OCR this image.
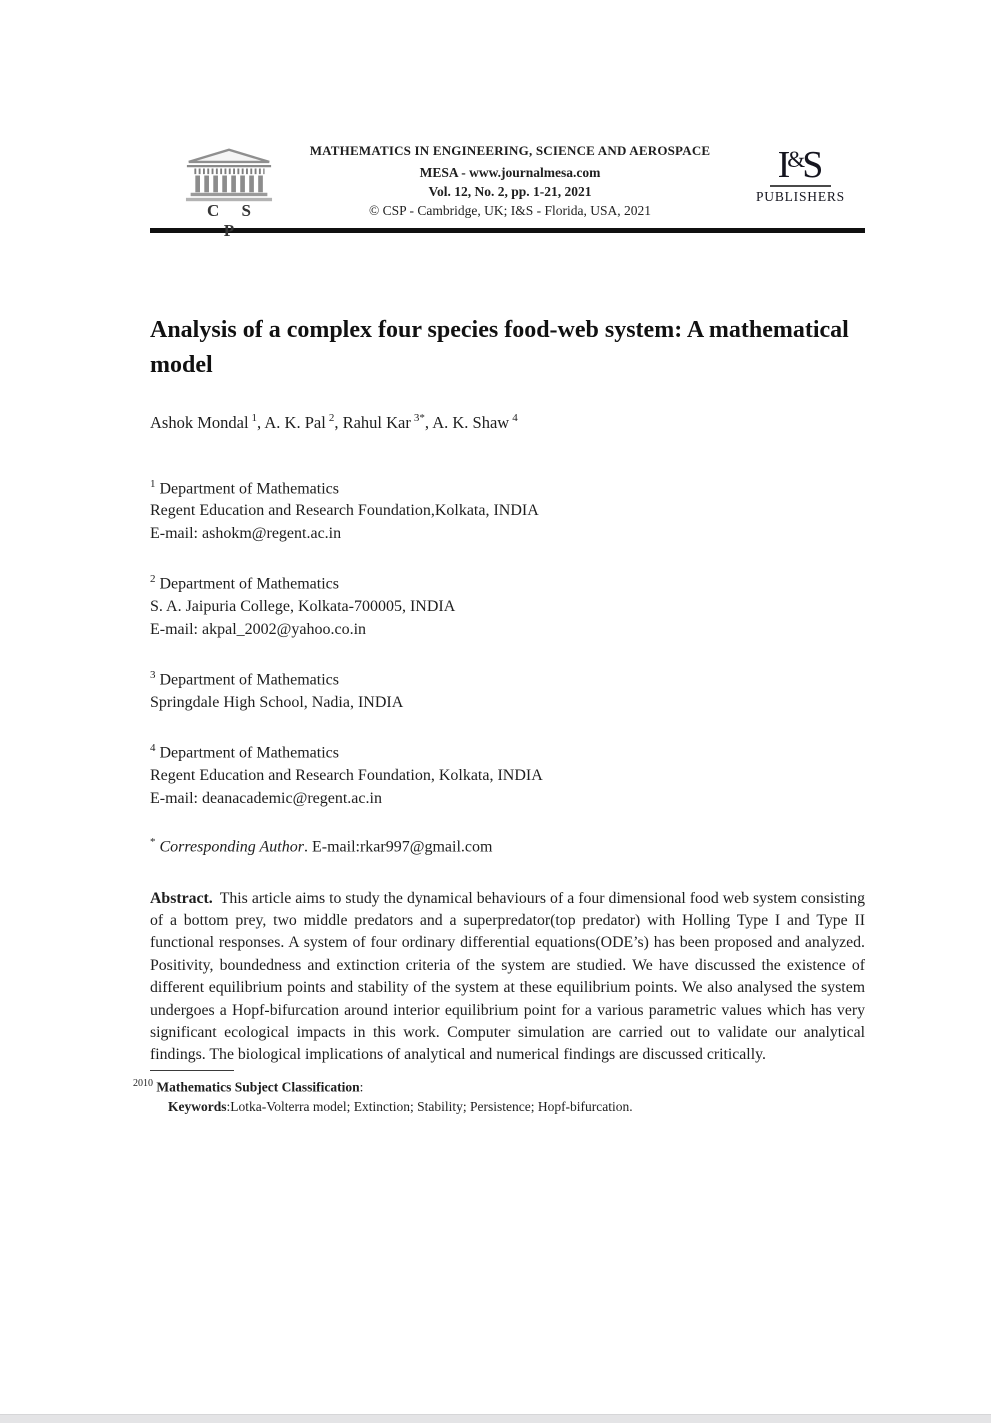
C S P
MATHEMATICS IN ENGINEERING, SCIENCE AND AEROSPACE
MESA - www.journalmesa.com
Vol. 12, No. 2, pp. 1-21, 2021
© CSP - Cambridge, UK; I&S - Florida, USA, 2021
I&S
PUBLISHERS
Analysis of a complex four species food-web system: A mathematical model

Ashok Mondal $^1$, A. K. Pal $^2$, Rahul Kar $^{3*}$, A. K. Shaw $^4$

$^1$ Department of Mathematics
Regent Education and Research Foundation,Kolkata, INDIA
E-mail: ashokm@regent.ac.in
$^2$ Department of Mathematics
S. A. Jaipuria College, Kolkata-700005, INDIA
E-mail: akpal_2002@yahoo.co.in
$^3$ Department of Mathematics
Springdale High School, Nadia, INDIA
$^4$ Department of Mathematics
Regent Education and Research Foundation, Kolkata, INDIA
E-mail: deanacademic@regent.ac.in

* Corresponding Author. E-mail:rkar997@gmail.com

Abstract. This article aims to study the dynamical behaviours of a four dimensional food web system consisting of a bottom prey, two middle predators and a superpredator(top predator) with Holling Type I and Type II functional responses. A system of four ordinary differential equations(ODE’s) has been proposed and analyzed. Positivity, boundedness and extinction criteria of the system are studied. We have discussed the existence of different equilibrium points and stability of the system at these equilibrium points. We also analysed the system undergoes a Hopf-bifurcation around interior equilibrium point for a various parametric values which has very significant ecological impacts in this work. Computer simulation are carried out to validate our analytical findings. The biological implications of analytical and numerical findings are discussed critically.

$^{2010}$ Mathematics Subject Classification:
Keywords:Lotka-Volterra model; Extinction; Stability; Persistence; Hopf-bifurcation.
